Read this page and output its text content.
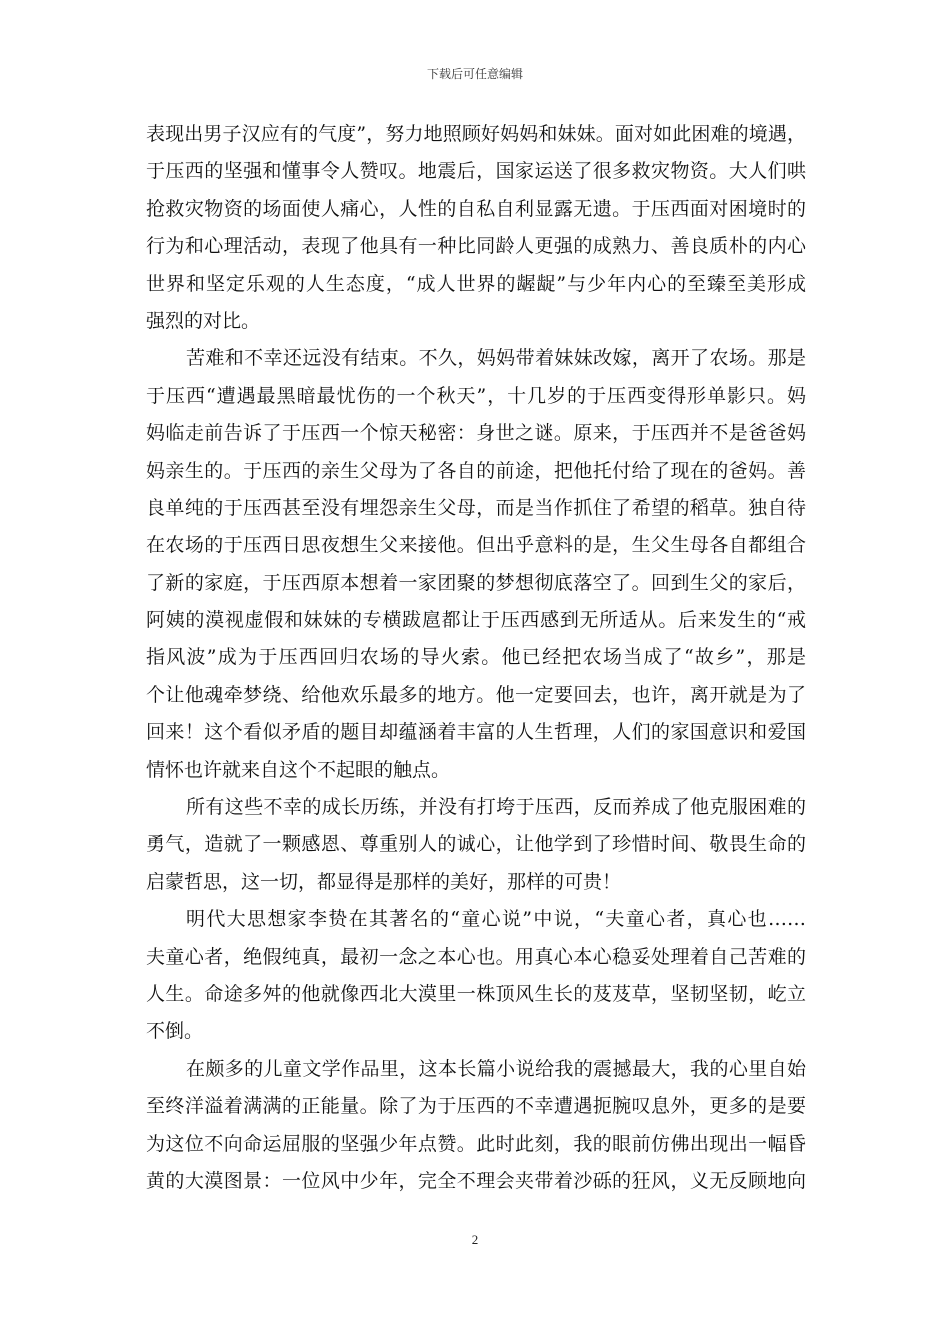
下载后可任意编辑
表现出男子汉应有的气度”，努力地照顾好妈妈和妹妹。面对如此困难的境遇，
于压西的坚强和懂事令人赞叹。地震后，国家运送了很多救灾物资。大人们哄
抢救灾物资的场面使人痛心，人性的自私自利显露无遗。于压西面对困境时的
行为和心理活动，表现了他具有一种比同龄人更强的成熟力、善良质朴的内心
世界和坚定乐观的人生态度，“成人世界的龌龊”与少年内心的至臻至美形成
强烈的对比。
苦难和不幸还远没有结束。不久，妈妈带着妹妹改嫁，离开了农场。那是
于压西“遭遇最黑暗最忧伤的一个秋天”，十几岁的于压西变得形单影只。妈
妈临走前告诉了于压西一个惊天秘密：身世之谜。原来，于压西并不是爸爸妈
妈亲生的。于压西的亲生父母为了各自的前途，把他托付给了现在的爸妈。善
良单纯的于压西甚至没有埋怨亲生父母，而是当作抓住了希望的稻草。独自待
在农场的于压西日思夜想生父来接他。但出乎意料的是，生父生母各自都组合
了新的家庭，于压西原本想着一家团聚的梦想彻底落空了。回到生父的家后，
阿姨的漠视虚假和妹妹的专横跋扈都让于压西感到无所适从。后来发生的“戒
指风波”成为于压西回归农场的导火索。他已经把农场当成了“故乡”，那是
个让他魂牵梦绕、给他欢乐最多的地方。他一定要回去，也许，离开就是为了
回来！这个看似矛盾的题目却蕴涵着丰富的人生哲理，人们的家国意识和爱国
情怀也许就来自这个不起眼的触点。
所有这些不幸的成长历练，并没有打垮于压西，反而养成了他克服困难的
勇气，造就了一颗感恩、尊重别人的诚心，让他学到了珍惜时间、敬畏生命的
启蒙哲思，这一切，都显得是那样的美好，那样的可贵！
明代大思想家李贽在其著名的“童心说”中说，“夫童心者，真心也……
夫童心者，绝假纯真，最初一念之本心也。用真心本心稳妥处理着自己苦难的
人生。命途多舛的他就像西北大漠里一株顶风生长的芨芨草，坚韧坚韧，屹立
不倒。
在颇多的儿童文学作品里，这本长篇小说给我的震撼最大，我的心里自始
至终洋溢着满满的正能量。除了为于压西的不幸遭遇扼腕叹息外，更多的是要
为这位不向命运屈服的坚强少年点赞。此时此刻，我的眼前仿佛出现出一幅昏
黄的大漠图景：一位风中少年，完全不理会夹带着沙砾的狂风，义无反顾地向
2
